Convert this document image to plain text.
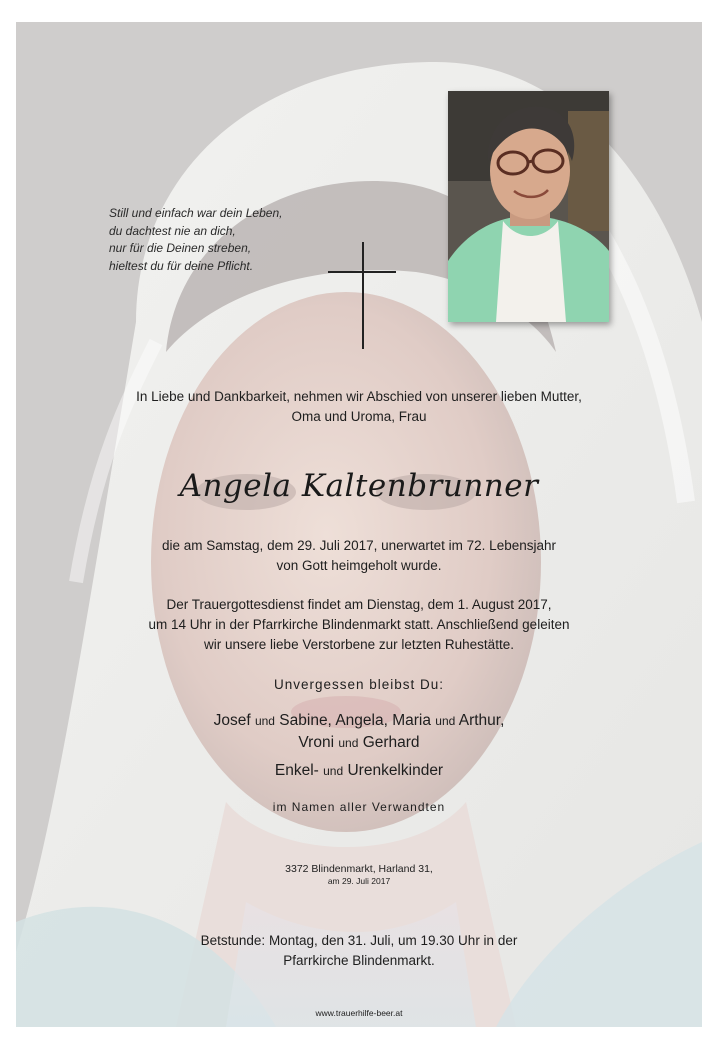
Still und einfach war dein Leben,
du dachtest nie an dich,
nur für die Deinen streben,
hieltest du für deine Pflicht.
In Liebe und Dankbarkeit, nehmen wir Abschied von unserer lieben Mutter,
Oma und Uroma, Frau
Angela Kaltenbrunner
die am Samstag, dem 29. Juli 2017, unerwartet im 72. Lebensjahr
von Gott heimgeholt wurde.
Der Trauergottesdienst findet am Dienstag, dem 1. August 2017,
um 14 Uhr in der Pfarrkirche Blindenmarkt statt. Anschließend geleiten
wir unsere liebe Verstorbene zur letzten Ruhestätte.
Unvergessen bleibst Du:
Josef und Sabine, Angela, Maria und Arthur,
Vroni und Gerhard
Enkel- und Urenkelkinder
im Namen aller Verwandten
3372 Blindenmarkt, Harland 31,
am 29. Juli 2017
Betstunde: Montag, den 31. Juli, um 19.30 Uhr in der
Pfarrkirche Blindenmarkt.
www.trauerhilfe-beer.at
